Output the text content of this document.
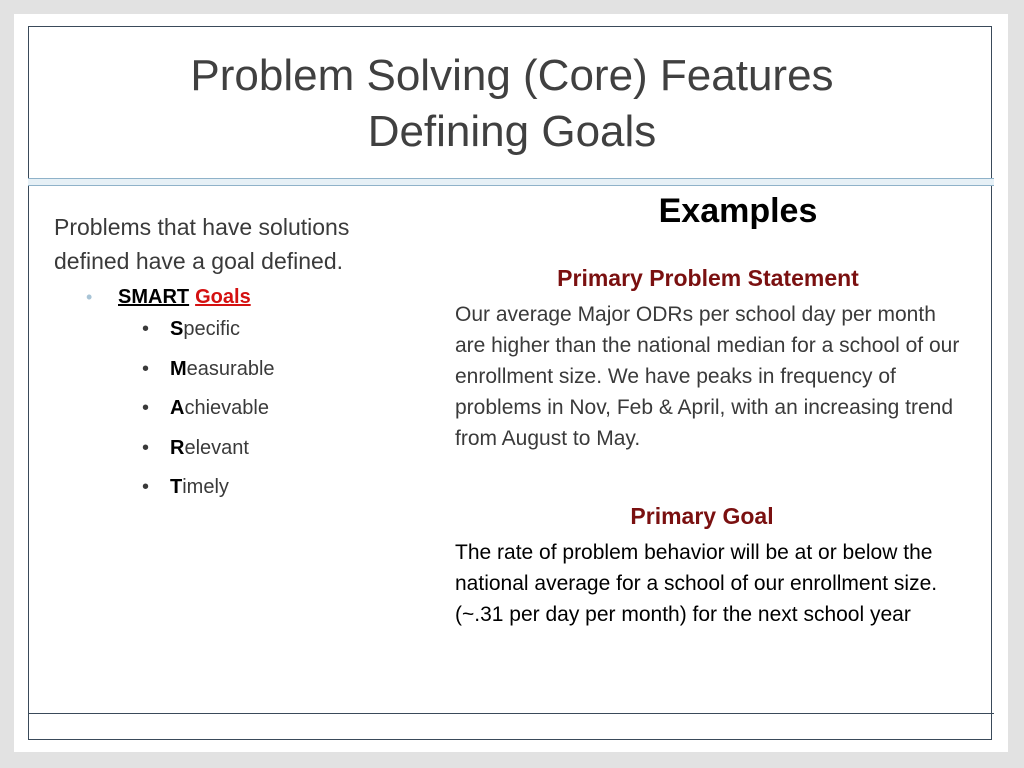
Problem Solving (Core) Features
Defining Goals
Problems that have solutions defined have a goal defined.
•	SMART Goals
• Specific
• Measurable
• Achievable
• Relevant
• Timely
Examples
Primary Problem Statement
Our average Major ODRs per school day per month are higher than the national median for a school of our enrollment size. We have peaks in frequency of problems in Nov, Feb & April, with an increasing trend from August to May.
Primary Goal
The rate of problem behavior will be at or below the national average for a school of our enrollment size. (~.31 per day per month) for the next school year
